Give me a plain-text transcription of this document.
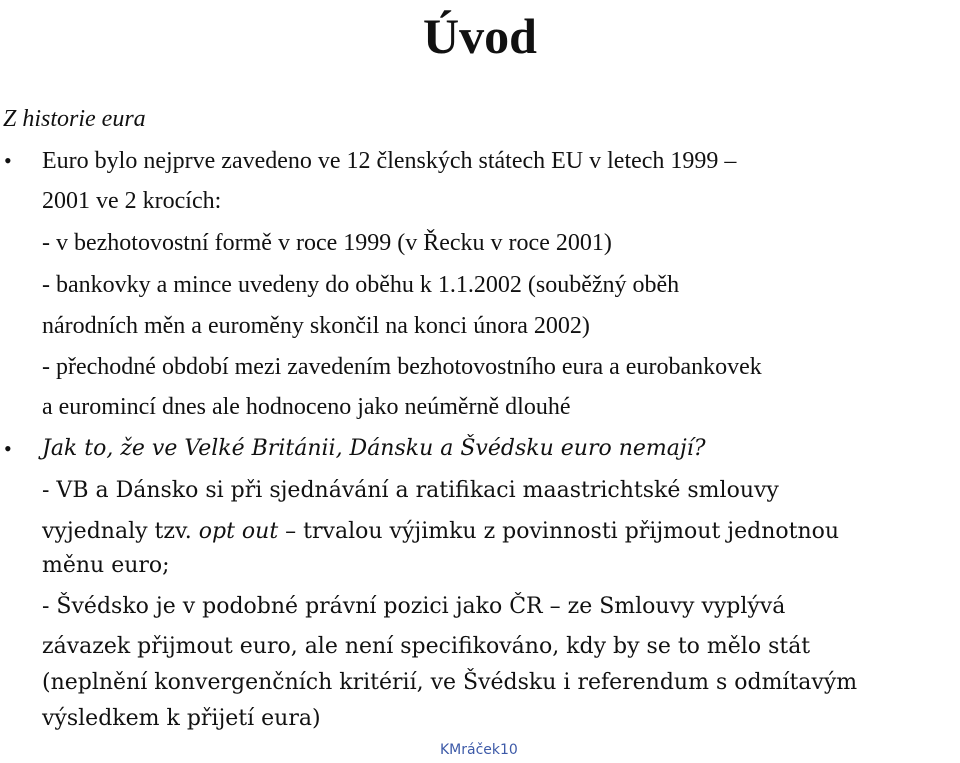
Úvod

Z historie eura

• Euro bylo nejprve zavedeno ve 12 členských státech EU v letech 1999 –

2001 ve 2 krocích:

- v bezhotovostní formě v roce 1999 (v Řecku v roce 2001)

- bankovky a mince uvedeny do oběhu k 1.1.2002 (souběžný oběh

národních měn a euroměny skončil na konci února 2002)

- přechodné období mezi zavedením bezhotovostního eura a eurobankovek

a euromincí dnes ale hodnoceno jako neúměrně dlouhé

• Jak to, že ve Velké Británii, Dánsku a Švédsku euro nemají?

- VB a Dánsko si při sjednávání a ratifikaci maastrichtské smlouvy

vyjednaly tzv. opt out – trvalou výjimku z povinnosti přijmout jednotnou

měnu euro;

- Švédsko je v podobné právní pozici jako ČR – ze Smlouvy vyplývá

závazek přijmout euro, ale není specifikováno, kdy by se to mělo stát

(neplnění konvergenčních kritérií, ve Švédsku i referendum s odmítavým

výsledkem k přijetí eura)

KMráček10
